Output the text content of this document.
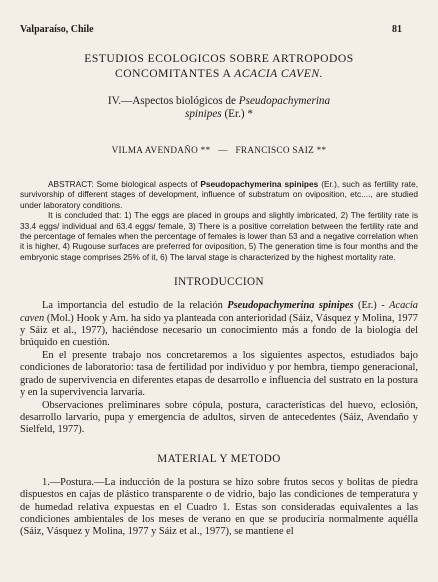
Valparaíso, Chile	81
ESTUDIOS ECOLOGICOS SOBRE ARTROPODOS
CONCOMITANTES A ACACIA CAVEN.
IV.—Aspectos biológicos de Pseudopachymerina
spinipes (Er.) *
VILMA AVENDAÑO **   —   FRANCISCO SAIZ **

ABSTRACT: Some biological aspects of Pseudopachymerina spinipes (Er.), such as fertility rate, survivorship of different stages of development, influence of substratum on oviposition, etc...., are studied under laboratory conditions.

It is concluded that: 1) The eggs are placed in groups and slightly imbricated, 2) The fertility rate is 33.4 eggs/ individual and 63.4 eggs/ female, 3) There is a positive correlation between the fertility rate and the percentage of females when the percentage of females is lower than 53 and a negative correlation when it is higher, 4) Rugouse surfaces are preferred for oviposition, 5) The generation time is four months and the embryonic stage comprises 25% of it, 6) The larval stage is characterized by the highest mortality rate.

INTRODUCCION

La importancia del estudio de la relación Pseudopachymerina spinipes (Er.) - Acacia caven (Mol.) Hook y Arn. ha sido ya planteada con anterioridad (Sáiz, Vásquez y Molina, 1977 y Sáiz et al., 1977), haciéndose necesario un conocimiento más a fondo de la biología del brúquido en cuestión.

En el presente trabajo nos concretaremos a los siguientes aspectos, estudiados bajo condiciones de laboratorio: tasa de fertilidad por individuo y por hembra, tiempo generacional, grado de supervivencia en diferentes etapas de desarrollo e influencia del sustrato en la postura y en la supervivencia larvaria.

Observaciones preliminares sobre cópula, postura, características del huevo, eclosión, desarrollo larvario, pupa y emergencia de adultos, sirven de antecedentes (Sáiz, Avendaño y Sielfeld, 1977).

MATERIAL Y METODO

1.—Postura.—La inducción de la postura se hizo sobre frutos secos y bolitas de piedra dispuestos en cajas de plástico transparente o de vidrio, bajo las condiciones de temperatura y de humedad relativa expuestas en el Cuadro 1. Estas son consideradas equivalentes a las condiciones ambientales de los meses de verano en que se produciría normalmente aquélla (Sáiz, Vásquez y Molina, 1977 y Sáiz et al., 1977), se mantiene el
